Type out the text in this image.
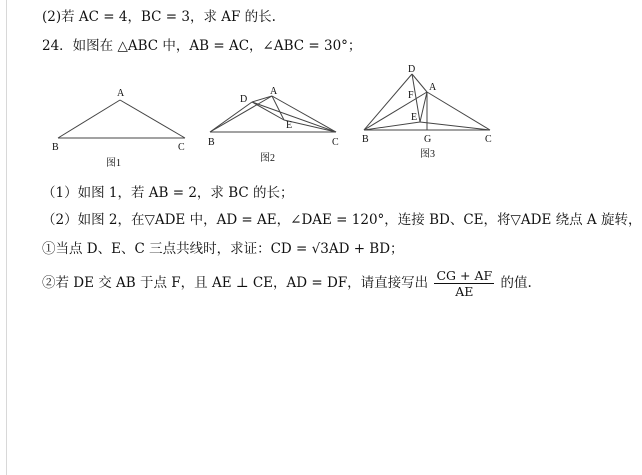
(2)若 AC = 4，BC = 3，求 AF 的长.
24．如图在 △ABC 中，AB = AC，∠ABC = 30°；
A
B	C
图1
D
A
E
B	C
图2
D
F
A
E
G
B	C
图3
（1）如图 1，若 AB = 2，求 BC 的长；
（2）如图 2，在▽ADE 中，AD = AE，∠DAE = 120°，连接 BD、CE，将▽ADE 绕点 A 旋转，
①当点 D、E、C 三点共线时，求证：CD = √3AD + BD；
②若 DE 交 AB 于点 F，且 AE ⊥ CE，AD = DF，请直接写出 $\frac{CG + AF}{AE}$ 的值.
